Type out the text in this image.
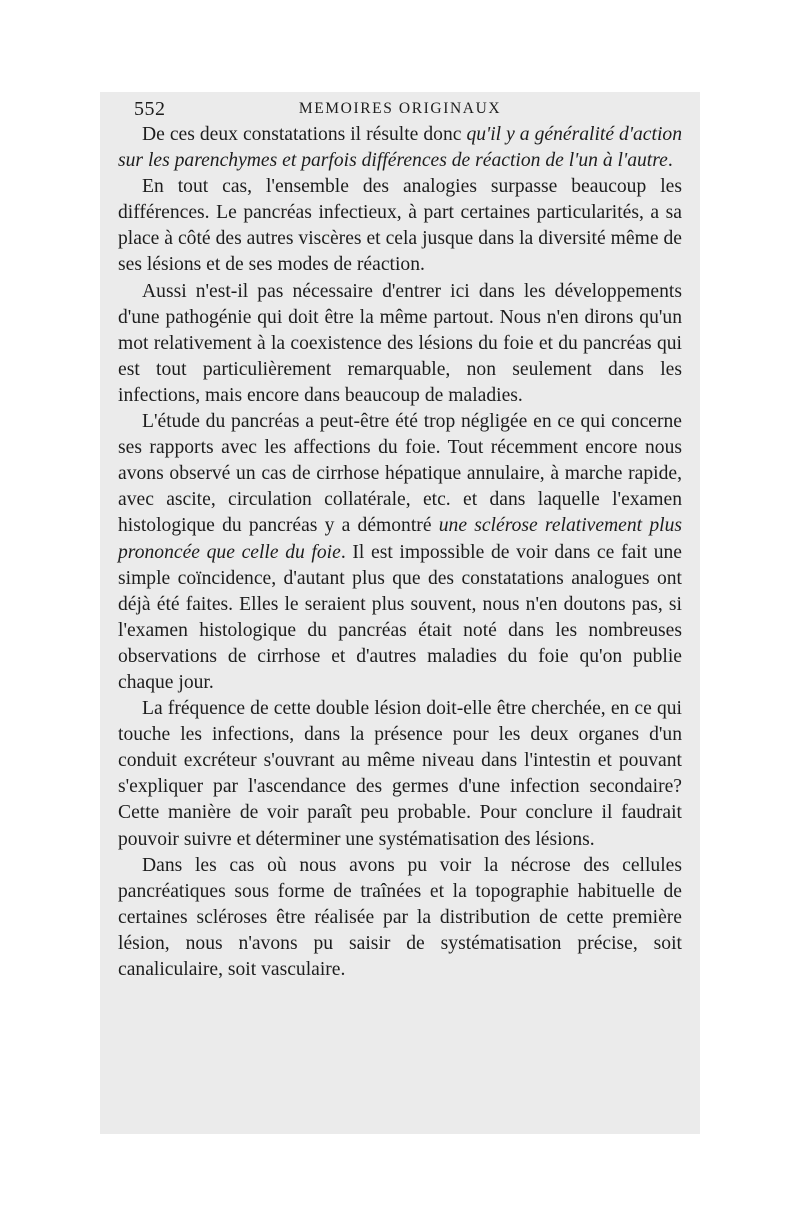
552	MEMOIRES ORIGINAUX

De ces deux constatations il résulte donc qu'il y a généralité d'action sur les parenchymes et parfois différences de réaction de l'un à l'autre.

En tout cas, l'ensemble des analogies surpasse beaucoup les différences. Le pancréas infectieux, à part certaines particularités, a sa place à côté des autres viscères et cela jusque dans la diversité même de ses lésions et de ses modes de réaction.

Aussi n'est-il pas nécessaire d'entrer ici dans les développements d'une pathogénie qui doit être la même partout. Nous n'en dirons qu'un mot relativement à la coexistence des lésions du foie et du pancréas qui est tout particulièrement remarquable, non seulement dans les infections, mais encore dans beaucoup de maladies.

L'étude du pancréas a peut-être été trop négligée en ce qui concerne ses rapports avec les affections du foie. Tout récemment encore nous avons observé un cas de cirrhose hépatique annulaire, à marche rapide, avec ascite, circulation collatérale, etc. et dans laquelle l'examen histologique du pancréas y a démontré une sclérose relativement plus prononcée que celle du foie. Il est impossible de voir dans ce fait une simple coïncidence, d'autant plus que des constatations analogues ont déjà été faites. Elles le seraient plus souvent, nous n'en doutons pas, si l'examen histologique du pancréas était noté dans les nombreuses observations de cirrhose et d'autres maladies du foie qu'on publie chaque jour.

La fréquence de cette double lésion doit-elle être cherchée, en ce qui touche les infections, dans la présence pour les deux organes d'un conduit excréteur s'ouvrant au même niveau dans l'intestin et pouvant s'expliquer par l'ascendance des germes d'une infection secondaire? Cette manière de voir paraît peu probable. Pour conclure il faudrait pouvoir suivre et déterminer une systématisation des lésions.

Dans les cas où nous avons pu voir la nécrose des cellules pancréatiques sous forme de traînées et la topographie habituelle de certaines scléroses être réalisée par la distribution de cette première lésion, nous n'avons pu saisir de systématisation précise, soit canaliculaire, soit vasculaire.
